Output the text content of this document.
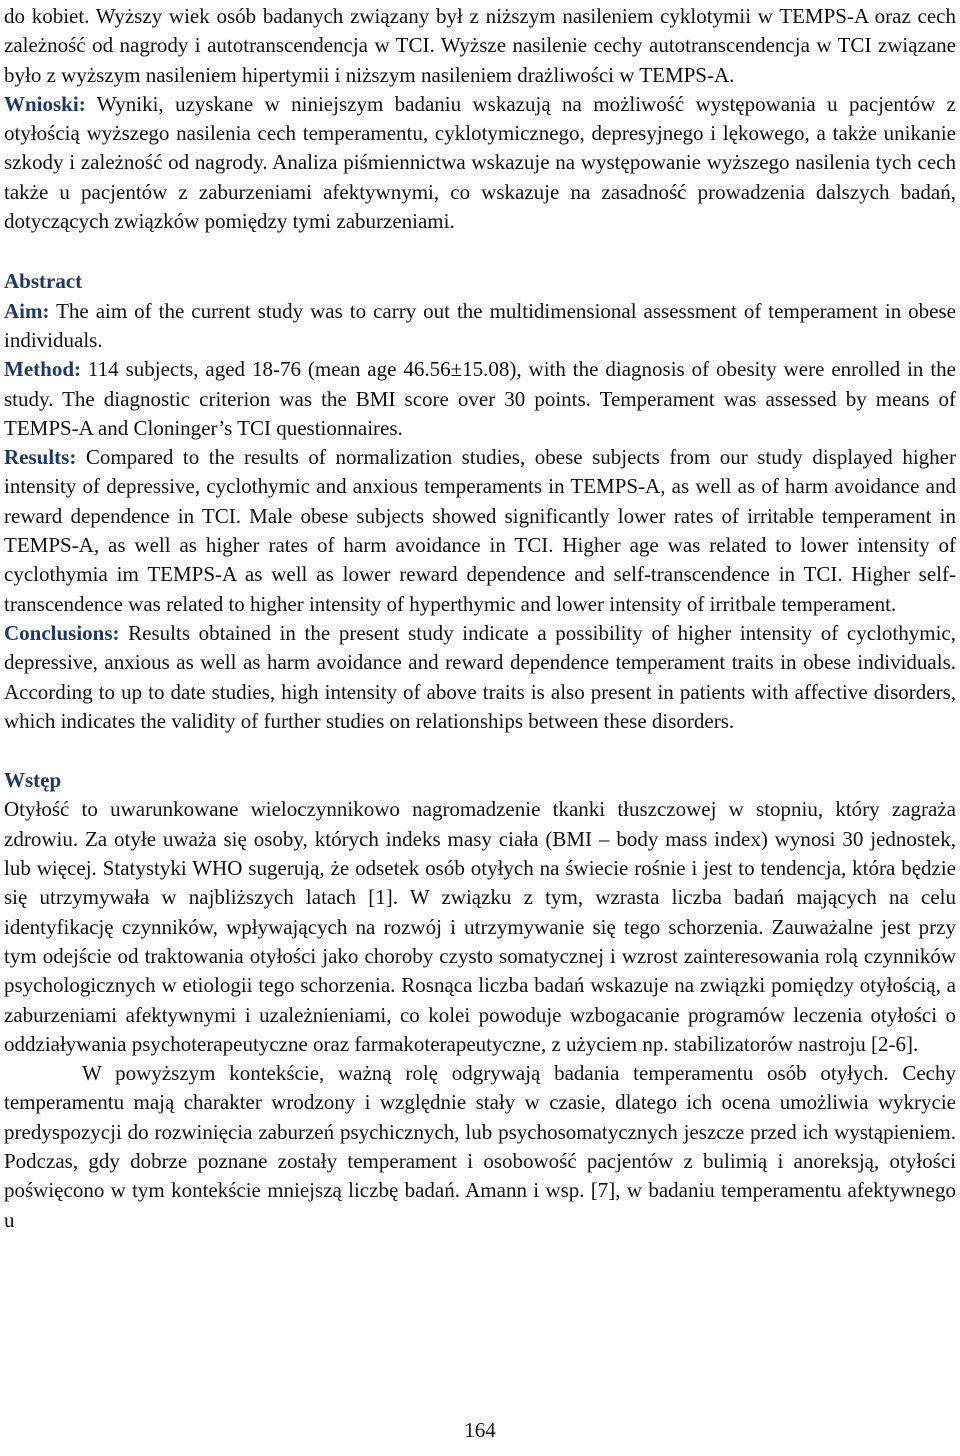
do kobiet. Wyższy wiek osób badanych związany był z niższym nasileniem cyklotymii w TEMPS-A oraz cech zależność od nagrody i autotranscendencja w TCI. Wyższe nasilenie cechy autotranscendencja w TCI związane było z wyższym nasileniem hipertymii i niższym nasileniem drażliwości w TEMPS-A.

Wnioski: Wyniki, uzyskane w niniejszym badaniu wskazują na możliwość występowania u pacjentów z otyłością wyższego nasilenia cech temperamentu, cyklotymicznego, depresyjnego i lękowego, a także unikanie szkody i zależność od nagrody. Analiza piśmiennictwa wskazuje na występowanie wyższego nasilenia tych cech także u pacjentów z zaburzeniami afektywnymi, co wskazuje na zasadność prowadzenia dalszych badań, dotyczących związków pomiędzy tymi zaburzeniami.

Abstract

Aim: The aim of the current study was to carry out the multidimensional assessment of temperament in obese individuals.

Method: 114 subjects, aged 18-76 (mean age 46.56±15.08), with the diagnosis of obesity were enrolled in the study. The diagnostic criterion was the BMI score over 30 points. Temperament was assessed by means of TEMPS-A and Cloninger’s TCI questionnaires.

Results: Compared to the results of normalization studies, obese subjects from our study displayed higher intensity of depressive, cyclothymic and anxious temperaments in TEMPS-A, as well as of harm avoidance and reward dependence in TCI. Male obese subjects showed significantly lower rates of irritable temperament in TEMPS-A, as well as higher rates of harm avoidance in TCI. Higher age was related to lower intensity of cyclothymia im TEMPS-A as well as lower reward dependence and self-transcendence in TCI. Higher self-transcendence was related to higher intensity of hyperthymic and lower intensity of irritbale temperament.

Conclusions: Results obtained in the present study indicate a possibility of higher intensity of cyclothymic, depressive, anxious as well as harm avoidance and reward dependence temperament traits in obese individuals. According to up to date studies, high intensity of above traits is also present in patients with affective disorders, which indicates the validity of further studies on relationships between these disorders.

Wstęp

Otyłość to uwarunkowane wieloczynnikowo nagromadzenie tkanki tłuszczowej w stopniu, który zagraża zdrowiu. Za otyłe uważa się osoby, których indeks masy ciała (BMI – body mass index) wynosi 30 jednostek, lub więcej. Statystyki WHO sugerują, że odsetek osób otyłych na świecie rośnie i jest to tendencja, która będzie się utrzymywała w najbliższych latach [1]. W związku z tym, wzrasta liczba badań mających na celu identyfikację czynników, wpływających na rozwój i utrzymywanie się tego schorzenia. Zauważalne jest przy tym odejście od traktowania otyłości jako choroby czysto somatycznej i wzrost zainteresowania rolą czynników psychologicznych w etiologii tego schorzenia. Rosnąca liczba badań wskazuje na związki pomiędzy otyłością, a zaburzeniami afektywnymi i uzależnieniami, co kolei powoduje wzbogacanie programów leczenia otyłości o oddziaływania psychoterapeutyczne oraz farmakoterapeutyczne, z użyciem np. stabilizatorów nastroju [2-6].

W powyższym kontekście, ważną rolę odgrywają badania temperamentu osób otyłych. Cechy temperamentu mają charakter wrodzony i względnie stały w czasie, dlatego ich ocena umożliwia wykrycie predyspozycji do rozwinięcia zaburzeń psychicznych, lub psychosomatycznych jeszcze przed ich wystąpieniem. Podczas, gdy dobrze poznane zostały temperament i osobowość pacjentów z bulimią i anoreksją, otyłości poświęcono w tym kontekście mniejszą liczbę badań. Amann i wsp. [7], w badaniu temperamentu afektywnego u

164
